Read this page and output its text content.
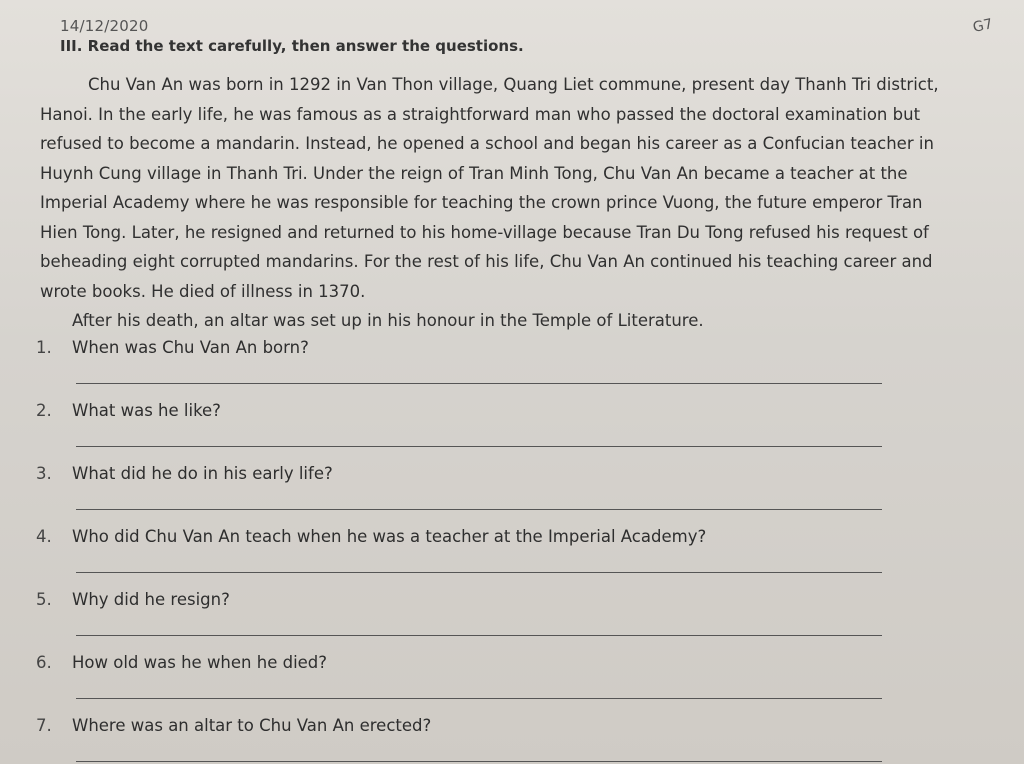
14/12/2020
III. Read the text carefully, then answer the questions.
G7
Chu Van An was born in 1292 in Van Thon village, Quang Liet commune, present day Thanh Tri district,
Hanoi. In the early life, he was famous as a straightforward man who passed the doctoral examination but
refused to become a mandarin. Instead, he opened a school and began his career as a Confucian teacher in
Huynh Cung village in Thanh Tri. Under the reign of Tran Minh Tong, Chu Van An became a teacher at the
Imperial Academy where he was responsible for teaching the crown prince Vuong, the future emperor Tran
Hien Tong. Later, he resigned and returned to his home-village because Tran Du Tong refused his request of
beheading eight corrupted mandarins. For the rest of his life, Chu Van An continued his teaching career and
wrote books. He died of illness in 1370.
After his death, an altar was set up in his honour in the Temple of Literature.
1.	When was Chu Van An born?
2.	What was he like?
3.	What did he do in his early life?
4.	Who did Chu Van An teach when he was a teacher at the Imperial Academy?
5.	Why did he resign?
6.	How old was he when he died?
7.	Where was an altar to Chu Van An erected?
